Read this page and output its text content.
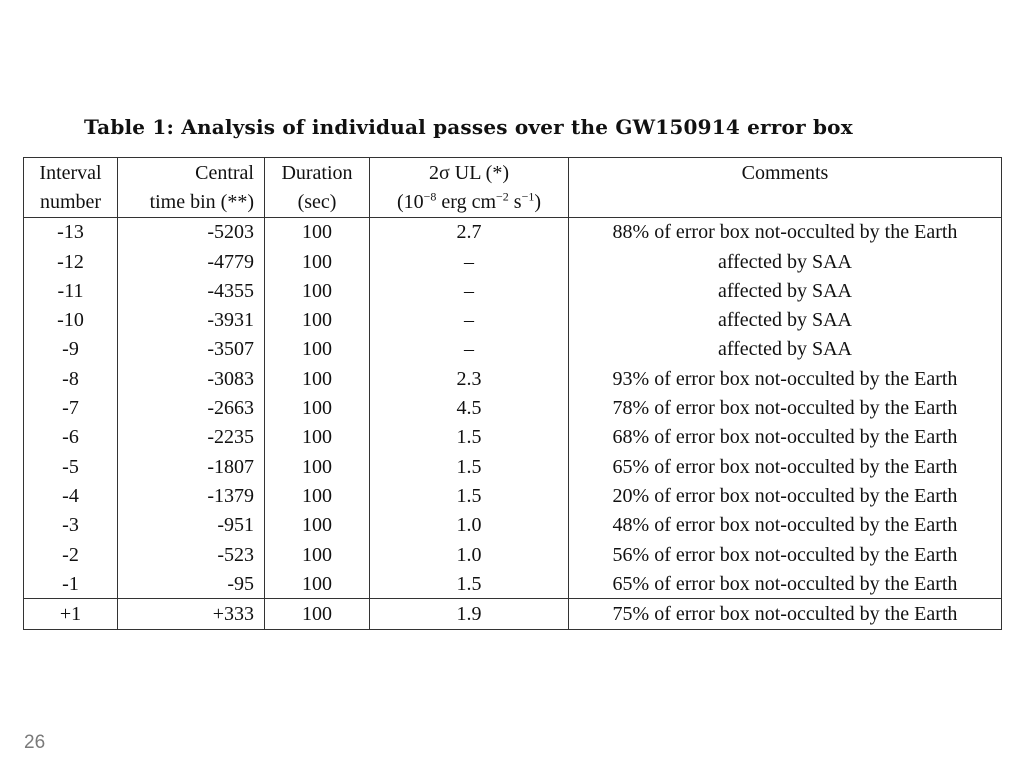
Table 1: Analysis of individual passes over the GW150914 error box
Interval	Central	Duration	2σ UL (*)	Comments
number	time bin (**)	(sec)	($10^{-8}$ erg $cm^{-2}$ $s^{-1}$)	
-13	-5203	100	2.7	88% of error box not-occulted by the Earth
-12	-4779	100	–	affected by SAA
-11	-4355	100	–	affected by SAA
-10	-3931	100	–	affected by SAA
-9	-3507	100	–	affected by SAA
-8	-3083	100	2.3	93% of error box not-occulted by the Earth
-7	-2663	100	4.5	78% of error box not-occulted by the Earth
-6	-2235	100	1.5	68% of error box not-occulted by the Earth
-5	-1807	100	1.5	65% of error box not-occulted by the Earth
-4	-1379	100	1.5	20% of error box not-occulted by the Earth
-3	-951	100	1.0	48% of error box not-occulted by the Earth
-2	-523	100	1.0	56% of error box not-occulted by the Earth
-1	-95	100	1.5	65% of error box not-occulted by the Earth
+1	+333	100	1.9	75% of error box not-occulted by the Earth
26
